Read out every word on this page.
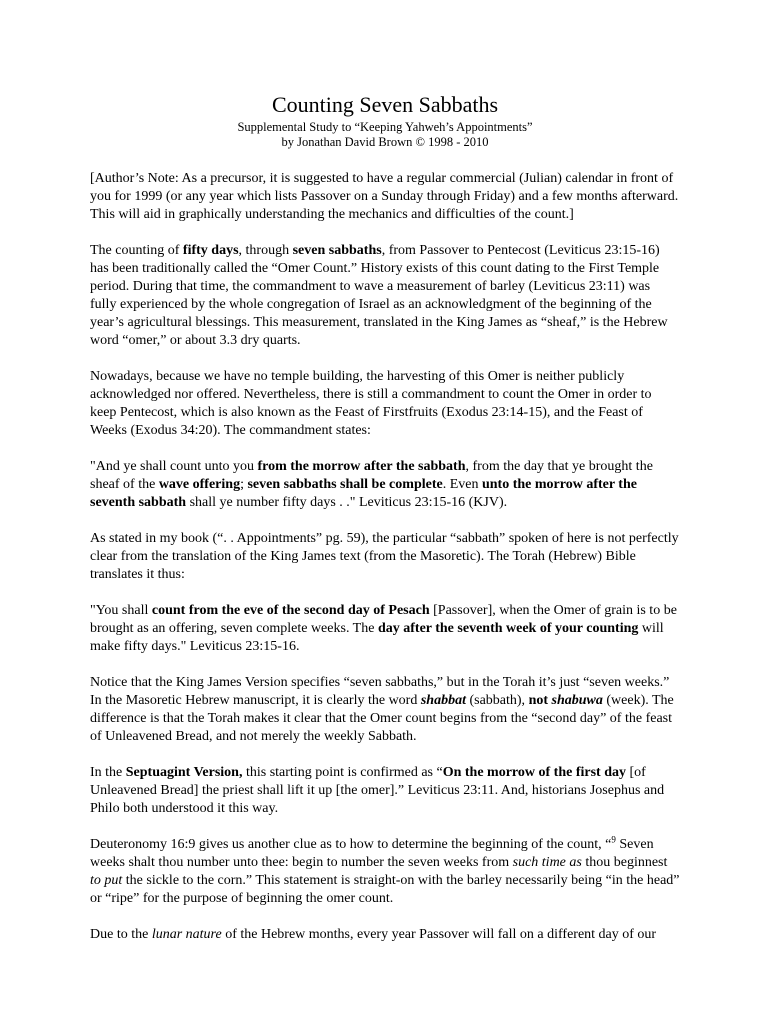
Counting Seven Sabbaths

Supplemental Study to “Keeping Yahweh’s Appointments”

by Jonathan David Brown © 1998 - 2010

[Author’s Note: As a precursor, it is suggested to have a regular commercial (Julian) calendar in front of you for 1999 (or any year which lists Passover on a Sunday through Friday) and a few months afterward. This will aid in graphically understanding the mechanics and difficulties of the count.]

The counting of fifty days, through seven sabbaths, from Passover to Pentecost (Leviticus 23:15-16) has been traditionally called the “Omer Count.” History exists of this count dating to the First Temple period. During that time, the commandment to wave a measurement of barley (Leviticus 23:11) was fully experienced by the whole congregation of Israel as an acknowledgment of the beginning of the year’s agricultural blessings. This measurement, translated in the King James as “sheaf,” is the Hebrew word “omer,” or about 3.3 dry quarts.

Nowadays, because we have no temple building, the harvesting of this Omer is neither publicly acknowledged nor offered. Nevertheless, there is still a commandment to count the Omer in order to keep Pentecost, which is also known as the Feast of Firstfruits (Exodus 23:14-15), and the Feast of Weeks (Exodus 34:20). The commandment states:

"And ye shall count unto you from the morrow after the sabbath, from the day that ye brought the sheaf of the wave offering; seven sabbaths shall be complete. Even unto the morrow after the seventh sabbath shall ye number fifty days . ." Leviticus 23:15-16 (KJV).

As stated in my book (“. . Appointments” pg. 59), the particular “sabbath” spoken of here is not perfectly clear from the translation of the King James text (from the Masoretic). The Torah (Hebrew) Bible translates it thus:

"You shall count from the eve of the second day of Pesach [Passover], when the Omer of grain is to be brought as an offering, seven complete weeks. The day after the seventh week of your counting will make fifty days." Leviticus 23:15-16.

Notice that the King James Version specifies “seven sabbaths,” but in the Torah it’s just “seven weeks.” In the Masoretic Hebrew manuscript, it is clearly the word shabbat (sabbath), not shabuwa (week). The difference is that the Torah makes it clear that the Omer count begins from the “second day” of the feast of Unleavened Bread, and not merely the weekly Sabbath.

In the Septuagint Version, this starting point is confirmed as “On the morrow of the first day [of Unleavened Bread] the priest shall lift it up [the omer].” Leviticus 23:11. And, historians Josephus and Philo both understood it this way.

Deuteronomy 16:9 gives us another clue as to how to determine the beginning of the count, “$^9$ Seven weeks shalt thou number unto thee: begin to number the seven weeks from such time as thou beginnest to put the sickle to the corn.” This statement is straight-on with the barley necessarily being “in the head” or “ripe” for the purpose of beginning the omer count.

Due to the lunar nature of the Hebrew months, every year Passover will fall on a different day of our
